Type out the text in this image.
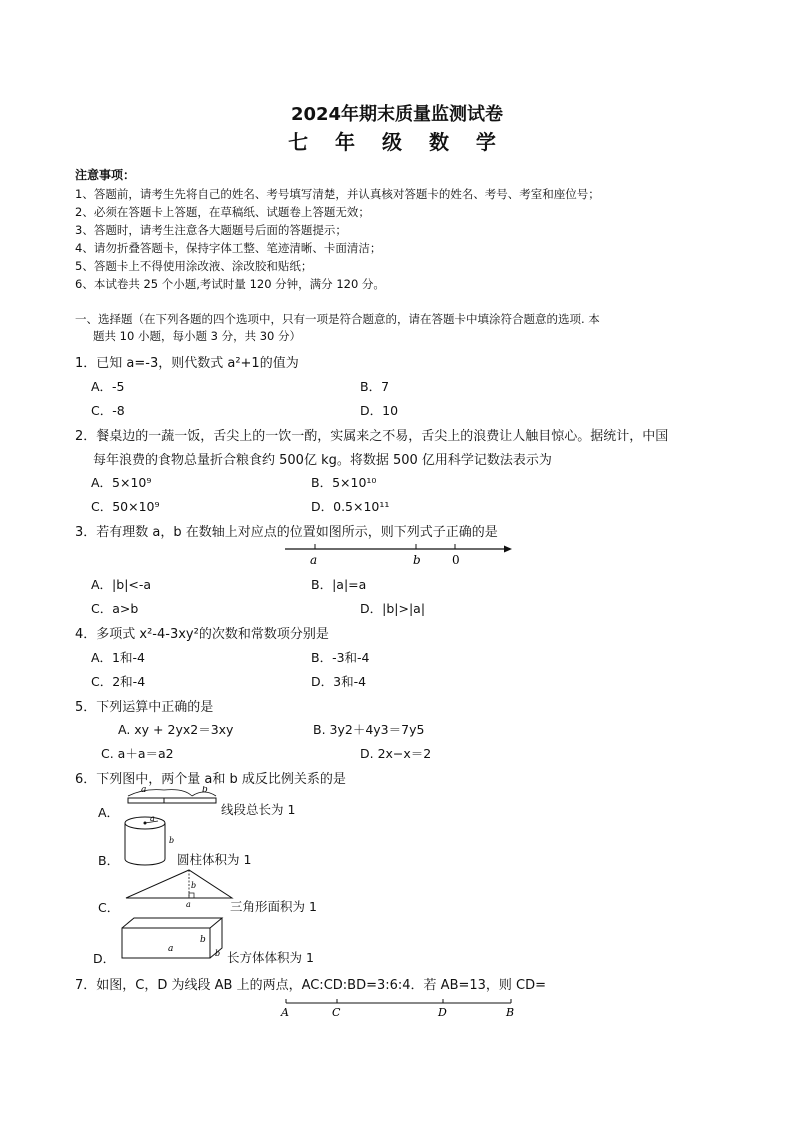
2024年期末质量监测试卷
七 年 级 数 学
注意事项：
1、答题前，请考生先将自己的姓名、考号填写清楚，并认真核对答题卡的姓名、考号、考室和座位号；
2、必须在答题卡上答题，在草稿纸、试题卷上答题无效；
3、答题时，请考生注意各大题题号后面的答题提示；
4、请勿折叠答题卡，保持字体工整、笔迹清晰、卡面清洁；
5、答题卡上不得使用涂改液、涂改胶和贴纸；
6、本试卷共 25 个小题,考试时量 120 分钟，满分 120 分。
一、选择题（在下列各题的四个选项中，只有一项是符合题意的，请在答题卡中填涂符合题意的选项. 本
题共 10 小题，每小题 3 分，共 30 分）
1．已知 a=-3，则代数式 a²+1的值为
A．-5	B．7
C．-8	D．10
2．餐桌边的一蔬一饭，舌尖上的一饮一酌，实属来之不易，舌尖上的浪费让人触目惊心。据统计，中国
每年浪费的食物总量折合粮食约 500亿 kg。将数据 500 亿用科学记数法表示为
A．5×10⁹	B．5×10¹⁰
C．50×10⁹	D．0.5×10¹¹
3．若有理数 a，b 在数轴上对应点的位置如图所示，则下列式子正确的是
a	b	0
A．|b|<-a	B．|a|=a
C．a>b	D．|b|>|a|
4．多项式 x²-4-3xy²的次数和常数项分别是
A．1和-4	B．-3和-4
C．2和-4	D．3和-4
5．下列运算中正确的是
A. xy + 2yx2＝3xy	B. 3y2＋4y3＝7y5
C. a＋a＝a2	D. 2x−x＝2
6．下列图中，两个量 a和 b 成反比例关系的是
A．
a	b
线段总长为 1
B．
a
b
圆柱体积为 1
C．
b
a	三角形面积为 1
D．
a
b
b 长方体体积为 1
7．如图，C，D 为线段 AB 上的两点，AC:CD:BD=3:6:4．若 AB=13，则 CD=
A	C	D	B
